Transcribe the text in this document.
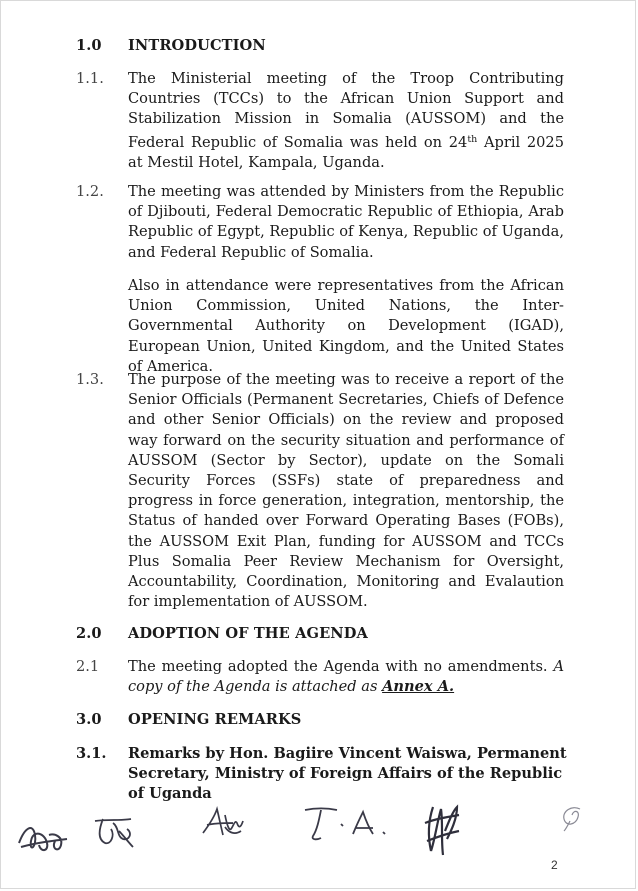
1.0 INTRODUCTION
1.1. The Ministerial meeting of the Troop Contributing Countries (TCCs) to the African Union Support and Stabilization Mission in Somalia (AUSSOM) and the Federal Republic of Somalia was held on 24th April 2025 at Mestil Hotel, Kampala, Uganda.
1.2. The meeting was attended by Ministers from the Republic of Djibouti, Federal Democratic Republic of Ethiopia, Arab Republic of Egypt, Republic of Kenya, Republic of Uganda, and Federal Republic of Somalia.
Also in attendance were representatives from the African Union Commission, United Nations, the Inter-Governmental Authority on Development (IGAD), European Union, United Kingdom, and the United States of America.
1.3. The purpose of the meeting was to receive a report of the Senior Officials (Permanent Secretaries, Chiefs of Defence and other Senior Officials) on the review and proposed way forward on the security situation and performance of AUSSOM (Sector by Sector), update on the Somali Security Forces (SSFs) state of preparedness and progress in force generation, integration, mentorship, the Status of handed over Forward Operating Bases (FOBs), the AUSSOM Exit Plan, funding for AUSSOM and TCCs Plus Somalia Peer Review Mechanism for Oversight, Accountability, Coordination, Monitoring and Evalaution for implementation of AUSSOM.
2.0 ADOPTION OF THE AGENDA
2.1 The meeting adopted the Agenda with no amendments. A copy of the Agenda is attached as Annex A.
3.0 OPENING REMARKS
3.1. Remarks by Hon. Bagiire Vincent Waiswa, Permanent Secretary, Ministry of Foreign Affairs of the Republic of Uganda
2
